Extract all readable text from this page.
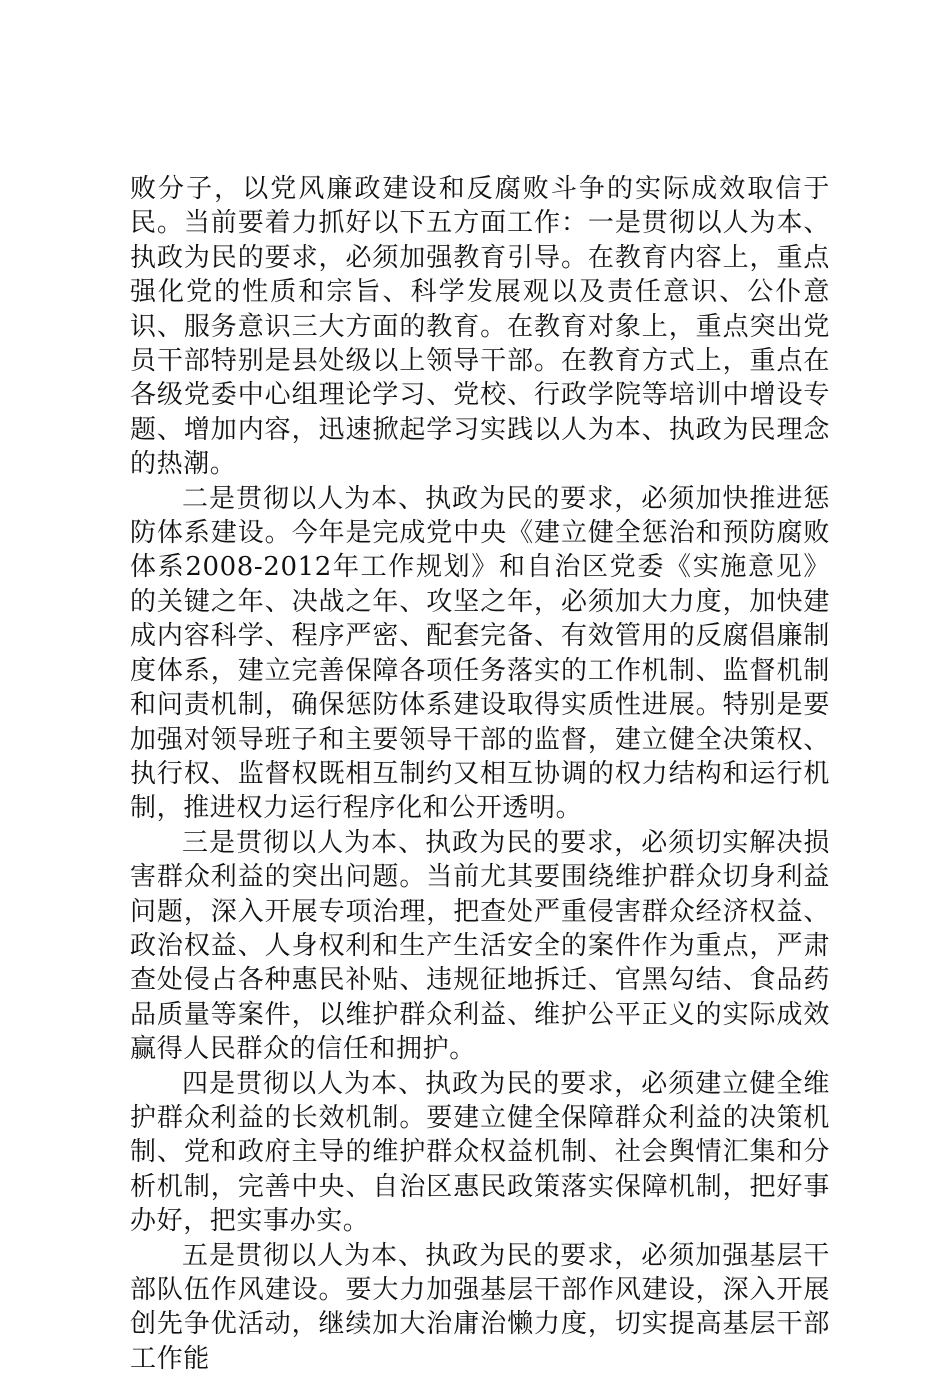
败分子，以党风廉政建设和反腐败斗争的实际成效取信于民。当前要着力抓好以下五方面工作：一是贯彻以人为本、执政为民的要求，必须加强教育引导。在教育内容上，重点强化党的性质和宗旨、科学发展观以及责任意识、公仆意识、服务意识三大方面的教育。在教育对象上，重点突出党员干部特别是县处级以上领导干部。在教育方式上，重点在各级党委中心组理论学习、党校、行政学院等培训中增设专题、增加内容，迅速掀起学习实践以人为本、执政为民理念的热潮。

二是贯彻以人为本、执政为民的要求，必须加快推进惩防体系建设。今年是完成党中央《建立健全惩治和预防腐败体系2008-2012年工作规划》和自治区党委《实施意见》的关键之年、决战之年、攻坚之年，必须加大力度，加快建成内容科学、程序严密、配套完备、有效管用的反腐倡廉制度体系，建立完善保障各项任务落实的工作机制、监督机制和问责机制，确保惩防体系建设取得实质性进展。特别是要加强对领导班子和主要领导干部的监督，建立健全决策权、执行权、监督权既相互制约又相互协调的权力结构和运行机制，推进权力运行程序化和公开透明。

三是贯彻以人为本、执政为民的要求，必须切实解决损害群众利益的突出问题。当前尤其要围绕维护群众切身利益问题，深入开展专项治理，把查处严重侵害群众经济权益、政治权益、人身权利和生产生活安全的案件作为重点，严肃查处侵占各种惠民补贴、违规征地拆迁、官黑勾结、食品药品质量等案件，以维护群众利益、维护公平正义的实际成效赢得人民群众的信任和拥护。

四是贯彻以人为本、执政为民的要求，必须建立健全维护群众利益的长效机制。要建立健全保障群众利益的决策机制、党和政府主导的维护群众权益机制、社会舆情汇集和分析机制，完善中央、自治区惠民政策落实保障机制，把好事办好，把实事办实。

五是贯彻以人为本、执政为民的要求，必须加强基层干部队伍作风建设。要大力加强基层干部作风建设，深入开展创先争优活动，继续加大治庸治懒力度，切实提高基层干部工作能
